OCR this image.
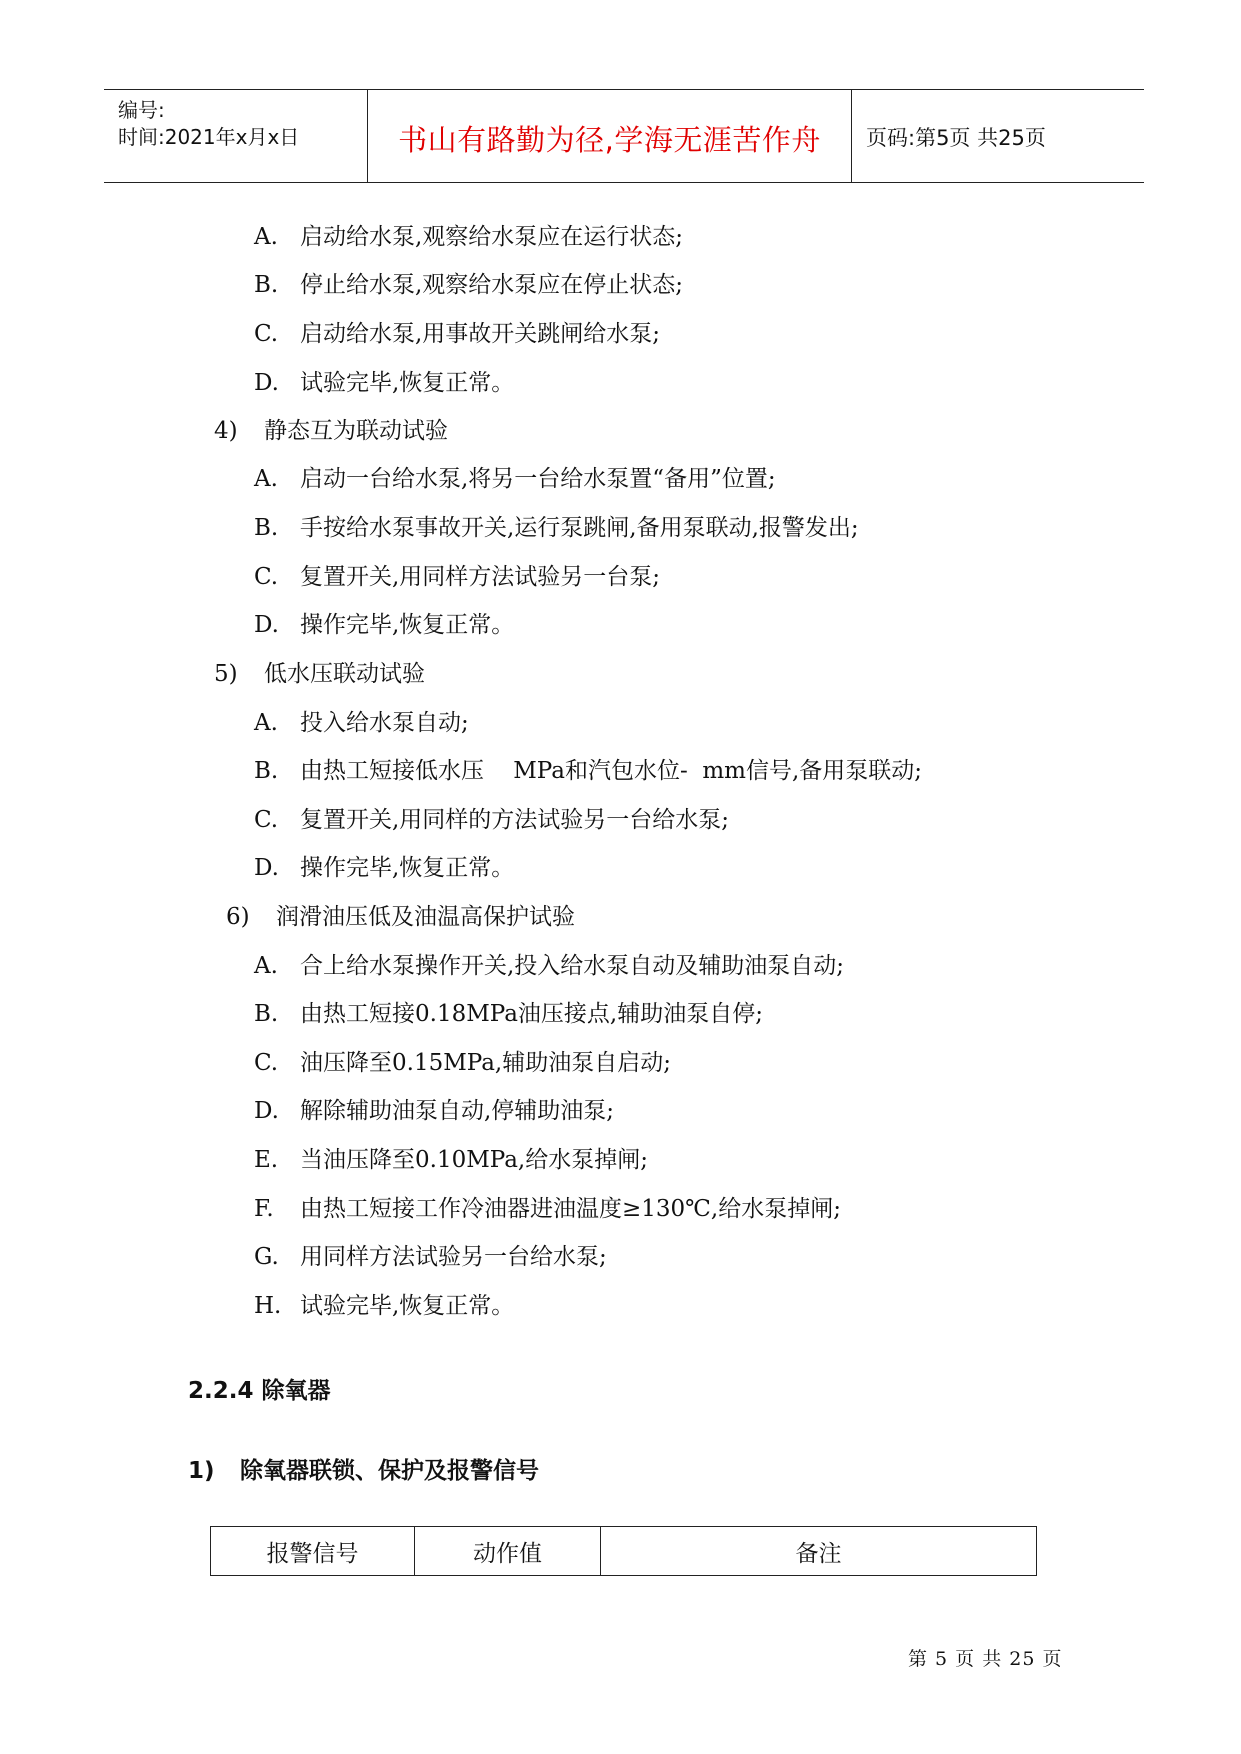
编号:
时间:2021年x月x日	书山有路勤为径,学海无涯苦作舟	页码:第5页 共25页
A. 启动给水泵,观察给水泵应在运行状态;
B. 停止给水泵,观察给水泵应在停止状态;
C. 启动给水泵,用事故开关跳闸给水泵;
D. 试验完毕,恢复正常。
4) 静态互为联动试验
A. 启动一台给水泵,将另一台给水泵置“备用”位置;
B. 手按给水泵事故开关,运行泵跳闸,备用泵联动,报警发出;
C. 复置开关,用同样方法试验另一台泵;
D. 操作完毕,恢复正常。
5) 低水压联动试验
A. 投入给水泵自动;
B. 由热工短接低水压    MPa和汽包水位-  mm信号,备用泵联动;
C. 复置开关,用同样的方法试验另一台给水泵;
D. 操作完毕,恢复正常。
6) 润滑油压低及油温高保护试验
A. 合上给水泵操作开关,投入给水泵自动及辅助油泵自动;
B. 由热工短接0.18MPa油压接点,辅助油泵自停;
C. 油压降至0.15MPa,辅助油泵自启动;
D. 解除辅助油泵自动,停辅助油泵;
E. 当油压降至0.10MPa,给水泵掉闸;
F. 由热工短接工作冷油器进油温度≥130℃,给水泵掉闸;
G. 用同样方法试验另一台给水泵;
H. 试验完毕,恢复正常。
2.2.4 除氧器
1) 除氧器联锁、保护及报警信号
报警信号	动作值	备注
第 5 页 共 25 页
